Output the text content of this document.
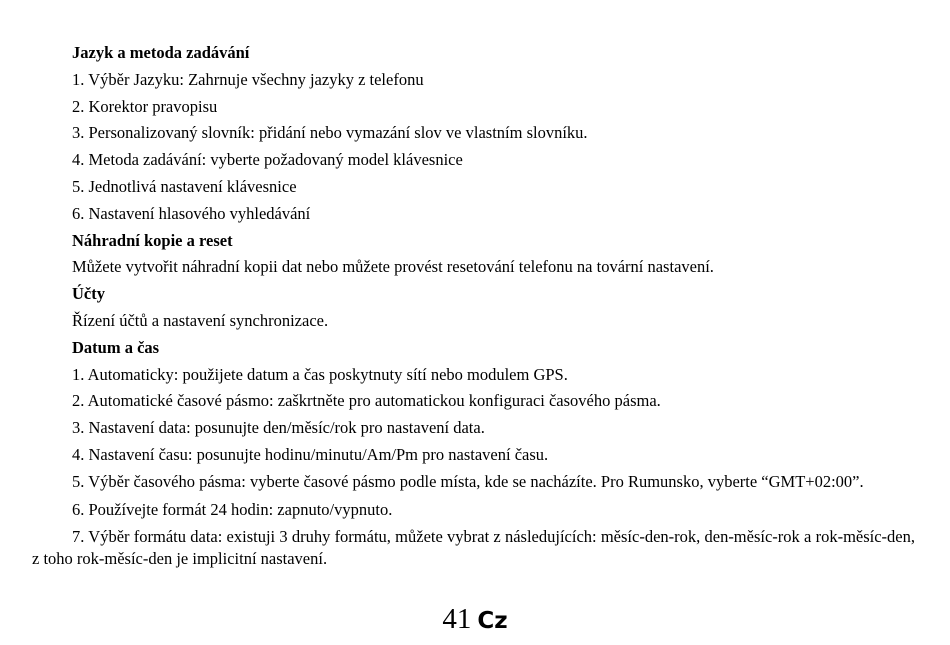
Jazyk a metoda zadávání
1. Výběr Jazyku: Zahrnuje všechny jazyky z telefonu
2. Korektor pravopisu
3. Personalizovaný slovník: přidání nebo vymazání slov ve vlastním slovníku.
4. Metoda zadávání: vyberte požadovaný model klávesnice
5. Jednotlivá nastavení klávesnice
6. Nastavení hlasového vyhledávání
Náhradní kopie a reset
Můžete vytvořit náhradní kopii dat nebo můžete provést resetování telefonu na tovární nastavení.
Účty
Řízení účtů a nastavení synchronizace.
Datum a čas
1. Automaticky: použijete datum a čas poskytnuty sítí nebo modulem GPS.
2. Automatické časové pásmo: zaškrtněte pro automatickou konfiguraci časového pásma.
3. Nastavení data: posunujte den/měsíc/rok pro nastavení data.
4. Nastavení času: posunujte hodinu/minutu/Am/Pm pro nastavení času.
5. Výběr časového pásma: vyberte časové pásmo podle místa, kde se nacházíte. Pro Rumunsko, vyberte “GMT+02:00”.
6. Používejte formát 24 hodin: zapnuto/vypnuto.
7. Výběr formátu data: existuji 3 druhy formátu, můžete vybrat z následujících: měsíc-den-rok, den-měsíc-rok a rok-měsíc-den, z toho rok-měsíc-den je implicitní nastavení.
41 Cz
